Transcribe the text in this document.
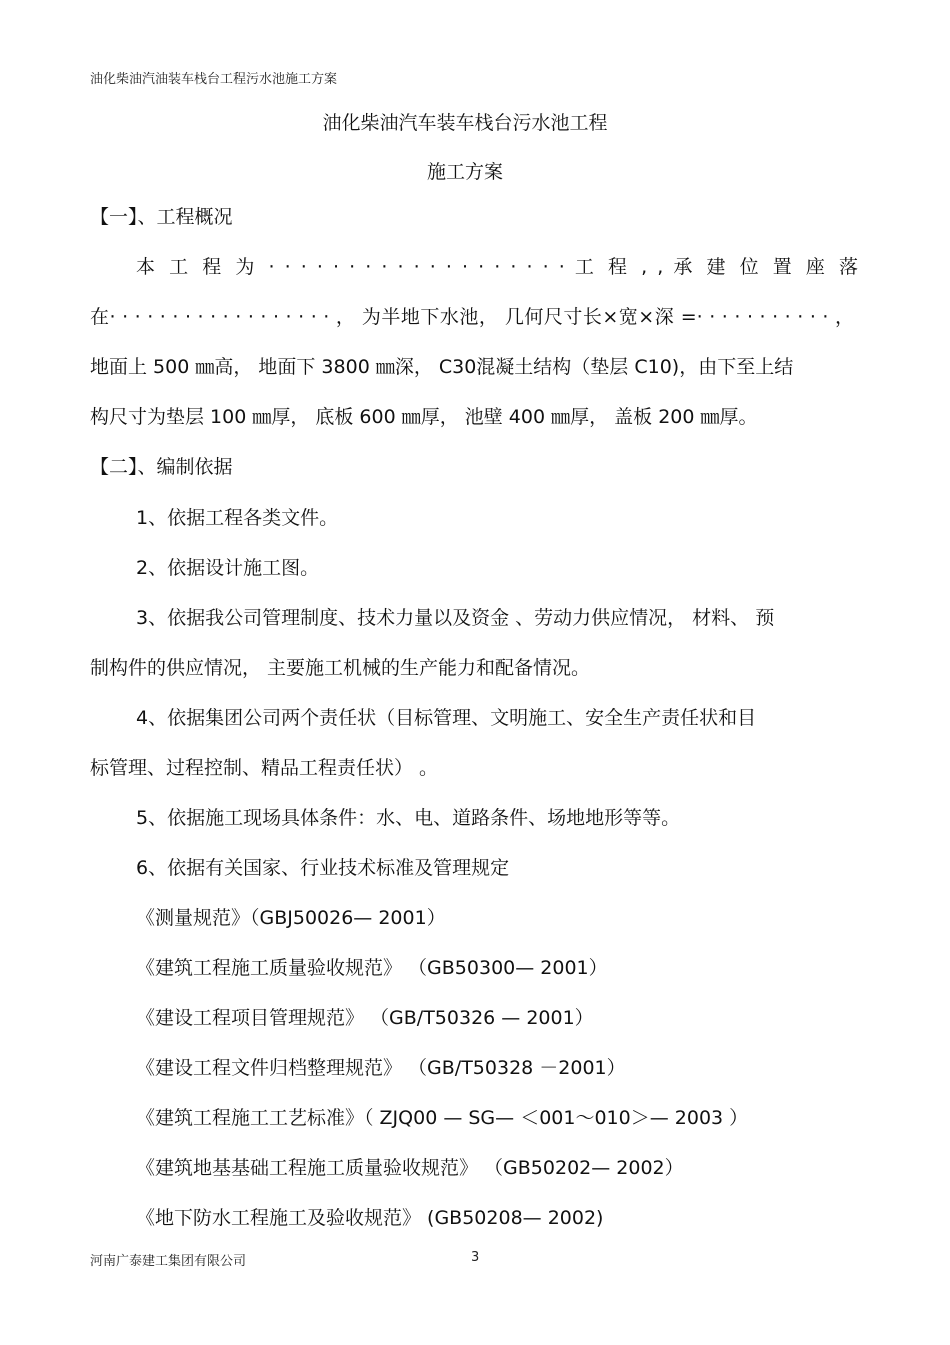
油化柴油汽油装车栈台工程污水池施工方案
油化柴油汽车装车栈台污水池工程
施工方案
【一】、工程概况
本 工 程 为 · · · · · · · · · · · · · · · · · · · 工 程 , , 承 建 位 置 座 落
在· · · · · · · · · · · · · · · · · · ， 为半地下水池， 几何尺寸长×宽×深 =· · · · · · · · · · · ，
地面上 500 ㎜高， 地面下 3800 ㎜深， C30混凝土结构（垫层 C10)，由下至上结
构尺寸为垫层 100 ㎜厚， 底板 600 ㎜厚， 池壁 400 ㎜厚， 盖板 200 ㎜厚。
【二】、编制依据
1、依据工程各类文件。
2、依据设计施工图。
3、依据我公司管理制度、技术力量以及资金 、劳动力供应情况， 材料、 预
制构件的供应情况， 主要施工机械的生产能力和配备情况。
4、依据集团公司两个责任状（目标管理、文明施工、安全生产责任状和目
标管理、过程控制、精品工程责任状） 。
5、依据施工现场具体条件：水、电、道路条件、场地地形等等。
6、依据有关国家、行业技术标准及管理规定
《测量规范》（GBJ50026— 2001）
《建筑工程施工质量验收规范》 （GB50300— 2001）
《建设工程项目管理规范》 （GB/T50326 — 2001）
《建设工程文件归档整理规范》 （GB/T50328 －2001）
《建筑工程施工工艺标准》（ ZJQ00 — SG— ＜001～010＞— 2003 ）
《建筑地基基础工程施工质量验收规范》 （GB50202— 2002）
《地下防水工程施工及验收规范》 (GB50208— 2002)
河南广泰建工集团有限公司	3
